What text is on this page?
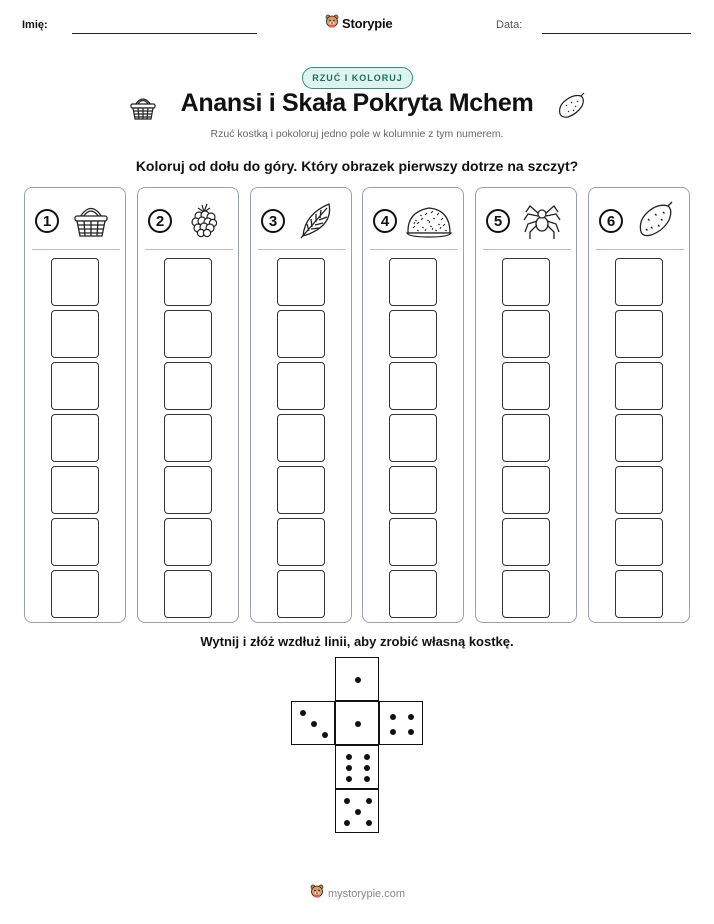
Imię:	Data:
Storypie
RZUĆ I KOLORUJ
Anansi i Skała Pokryta Mchem
Rzuć kostką i pokoloruj jedno pole w kolumnie z tym numerem.
Koloruj od dołu do góry. Który obrazek pierwszy dotrze na szczyt?
1	2	3	4	5	6
Wytnij i złóż wzdłuż linii, aby zrobić własną kostkę.
mystorypie.com
